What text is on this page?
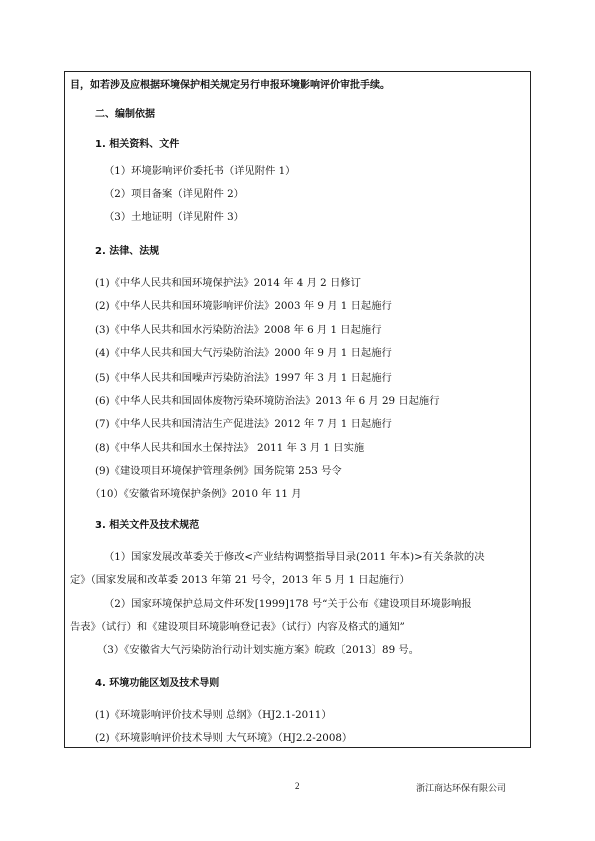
目，如若涉及应根据环境保护相关规定另行申报环境影响评价审批手续。
二、编制依据
1. 相关资料、文件
（1）环境影响评价委托书（详见附件 1）
（2）项目备案（详见附件 2）
（3）土地证明（详见附件 3）
2. 法律、法规
(1)《中华人民共和国环境保护法》2014 年 4 月 2 日修订
(2)《中华人民共和国环境影响评价法》2003 年 9 月 1 日起施行
(3)《中华人民共和国水污染防治法》2008 年 6 月 1 日起施行
(4)《中华人民共和国大气污染防治法》2000 年 9 月 1 日起施行
(5)《中华人民共和国噪声污染防治法》1997 年 3 月 1 日起施行
(6)《中华人民共和国固体废物污染环境防治法》2013 年 6 月 29 日起施行
(7)《中华人民共和国清洁生产促进法》2012 年 7 月 1 日起施行
(8)《中华人民共和国水土保持法》 2011 年 3 月 1 日实施
(9)《建设项目环境保护管理条例》国务院第 253 号令
（10）《安徽省环境保护条例》2010 年 11 月
3. 相关文件及技术规范
（1）国家发展改革委关于修改<产业结构调整指导目录(2011 年本)>有关条款的决
定》（国家发展和改革委 2013 年第 21 号令，2013 年 5 月 1 日起施行）
（2）国家环境保护总局文件环发[1999]178 号“关于公布《建设项目环境影响报
告表》（试行）和《建设项目环境影响登记表》（试行）内容及格式的通知”
（3）《安徽省大气污染防治行动计划实施方案》皖政〔2013〕89 号。
4. 环境功能区划及技术导则
(1)《环境影响评价技术导则 总纲》（HJ2.1-2011）
(2)《环境影响评价技术导则 大气环境》（HJ2.2-2008）
2	浙江商达环保有限公司
